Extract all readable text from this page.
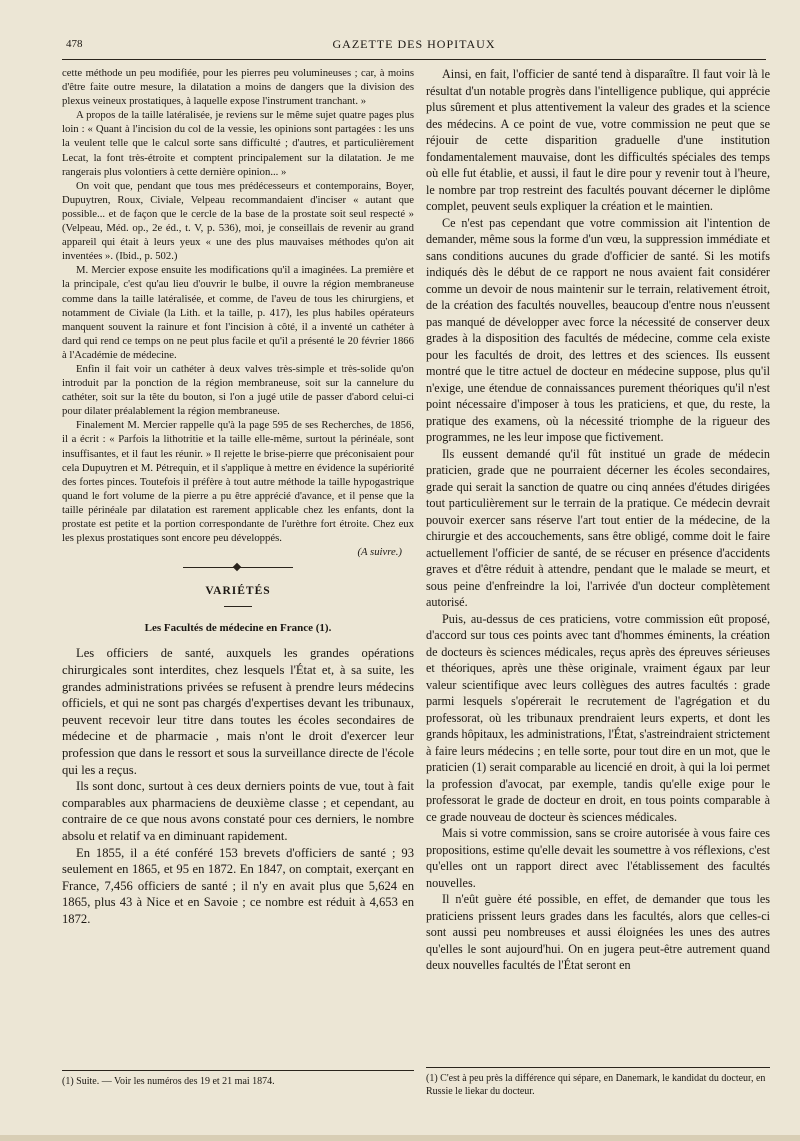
478	GAZETTE DES HOPITAUX

cette méthode un peu modifiée, pour les pierres peu volumineuses ; car, à moins d'être faite outre mesure, la dilatation a moins de dangers que la division des plexus veineux prostatiques, à laquelle expose l'instrument tranchant. »

A propos de la taille latéralisée, je reviens sur le même sujet quatre pages plus loin : « Quant à l'incision du col de la vessie, les opinions sont partagées : les uns la veulent telle que le calcul sorte sans difficulté ; d'autres, et particulièrement Lecat, la font très-étroite et comptent principalement sur la dilatation. Je me rangerais plus volontiers à cette dernière opinion... »

On voit que, pendant que tous mes prédécesseurs et contemporains, Boyer, Dupuytren, Roux, Civiale, Velpeau recommandaient d'inciser « autant que possible... et de façon que le cercle de la base de la prostate soit seul respecté » (Velpeau, Méd. op., 2e éd., t. V, p. 536), moi, je conseillais de revenir au grand appareil qui était à leurs yeux « une des plus mauvaises méthodes qu'on ait inventées ». (Ibid., p. 502.)

M. Mercier expose ensuite les modifications qu'il a imaginées. La première et la principale, c'est qu'au lieu d'ouvrir le bulbe, il ouvre la région membraneuse comme dans la taille latéralisée, et comme, de l'aveu de tous les chirurgiens, et notamment de Civiale (la Lith. et la taille, p. 417), les plus habiles opérateurs manquent souvent la rainure et font l'incision à côté, il a inventé un cathéter à dard qui rend ce temps on ne peut plus facile et qu'il a présenté le 20 février 1866 à l'Académie de médecine.

Enfin il fait voir un cathéter à deux valves très-simple et très-solide qu'on introduit par la ponction de la région membraneuse, soit sur la cannelure du cathéter, soit sur la tête du bouton, si l'on a jugé utile de passer d'abord celui-ci pour dilater préalablement la région membraneuse.

Finalement M. Mercier rappelle qu'à la page 595 de ses Recherches, de 1856, il a écrit : « Parfois la lithotritie et la taille elle-même, surtout la périnéale, sont insuffisantes, et il faut les réunir. » Il rejette le brise-pierre que préconisaient pour cela Dupuytren et M. Pétrequin, et il s'applique à mettre en évidence la supériorité des fortes pinces. Toutefois il préfère à tout autre méthode la taille hypogastrique quand le fort volume de la pierre a pu être apprécié d'avance, et il pense que la taille périnéale par dilatation est rarement applicable chez les enfants, dont la prostate est petite et la portion correspondante de l'urèthre fort étroite. Chez eux les plexus prostatiques sont encore peu développés.

(A suivre.)

VARIÉTÉS
Les Facultés de médecine en France (1).

Les officiers de santé, auxquels les grandes opérations chirurgicales sont interdites, chez lesquels l'État et, à sa suite, les grandes administrations privées se refusent à prendre leurs médecins officiels, et qui ne sont pas chargés d'expertises devant les tribunaux, peuvent recevoir leur titre dans toutes les écoles secondaires de médecine et de pharmacie , mais n'ont le droit d'exercer leur profession que dans le ressort et sous la surveillance directe de l'école qui les a reçus.

Ils sont donc, surtout à ces deux derniers points de vue, tout à fait comparables aux pharmaciens de deuxième classe ; et cependant, au contraire de ce que nous avons constaté pour ces derniers, le nombre absolu et relatif va en diminuant rapidement.

En 1855, il a été conféré 153 brevets d'officiers de santé ; 93 seulement en 1865, et 95 en 1872. En 1847, on comptait, exerçant en France, 7,456 officiers de santé ; il n'y en avait plus que 5,624 en 1865, plus 43 à Nice et en Savoie ; ce nombre est réduit à 4,653 en 1872.

(1) Suite. — Voir les numéros des 19 et 21 mai 1874.

Ainsi, en fait, l'officier de santé tend à disparaître. Il faut voir là le résultat d'un notable progrès dans l'intelligence publique, qui apprécie plus sûrement et plus attentivement la valeur des grades et la science des médecins. A ce point de vue, votre commission ne peut que se réjouir de cette disparition graduelle d'une institution fondamentalement mauvaise, dont les difficultés spéciales des temps où elle fut établie, et aussi, il faut le dire pour y revenir tout à l'heure, le nombre par trop restreint des facultés pouvant décerner le diplôme complet, peuvent seuls expliquer la création et le maintien.

Ce n'est pas cependant que votre commission ait l'intention de demander, même sous la forme d'un vœu, la suppression immédiate et sans conditions aucunes du grade d'officier de santé. Si les motifs indiqués dès le début de ce rapport ne nous avaient fait considérer comme un devoir de nous maintenir sur le terrain, relativement étroit, de la création des facultés nouvelles, beaucoup d'entre nous n'eussent pas manqué de développer avec force la nécessité de conserver deux grades à la disposition des facultés de médecine, comme cela existe pour les facultés de droit, des lettres et des sciences. Ils eussent montré que le titre actuel de docteur en médecine suppose, plus qu'il n'exige, une étendue de connaissances purement théoriques qu'il n'est point nécessaire d'imposer à tous les praticiens, et que, du reste, la pratique des examens, où la nécessité triomphe de la rigueur des programmes, ne les leur impose que fictivement.

Ils eussent demandé qu'il fût institué un grade de médecin praticien, grade que ne pourraient décerner les écoles secondaires, grade qui serait la sanction de quatre ou cinq années d'études dirigées tout particulièrement sur le terrain de la pratique. Ce médecin devrait pouvoir exercer sans réserve l'art tout entier de la médecine, de la chirurgie et des accouchements, sans être obligé, comme doit le faire actuellement l'officier de santé, de se récuser en présence d'accidents graves et d'être réduit à attendre, pendant que le malade se meurt, et sous peine d'enfreindre la loi, l'arrivée d'un docteur complètement autorisé.

Puis, au-dessus de ces praticiens, votre commission eût proposé, d'accord sur tous ces points avec tant d'hommes éminents, la création de docteurs ès sciences médicales, reçus après des épreuves sérieuses et théoriques, après une thèse originale, vraiment égaux par leur valeur scientifique avec leurs collègues des autres facultés : grade parmi lesquels s'opérerait le recrutement de l'agrégation et du professorat, où les tribunaux prendraient leurs experts, et dont les grands hôpitaux, les administrations, l'État, s'astreindraient strictement à faire leurs médecins ; en telle sorte, pour tout dire en un mot, que le praticien (1) serait comparable au licencié en droit, à qui la loi permet la profession d'avocat, par exemple, tandis qu'elle exige pour le professorat le grade de docteur en droit, en tous points comparable à ce grade nouveau de docteur ès sciences médicales.

Mais si votre commission, sans se croire autorisée à vous faire ces propositions, estime qu'elle devait les soumettre à vos réflexions, c'est qu'elles ont un rapport direct avec l'établissement des facultés nouvelles.

Il n'eût guère été possible, en effet, de demander que tous les praticiens prissent leurs grades dans les facultés, alors que celles-ci sont aussi peu nombreuses et aussi éloignées les unes des autres qu'elles le sont aujourd'hui. On en jugera peut-être autrement quand deux nouvelles facultés de l'État seront en

(1) C'est à peu près la différence qui sépare, en Danemark, le kandidat du docteur, en Russie le liekar du docteur.
